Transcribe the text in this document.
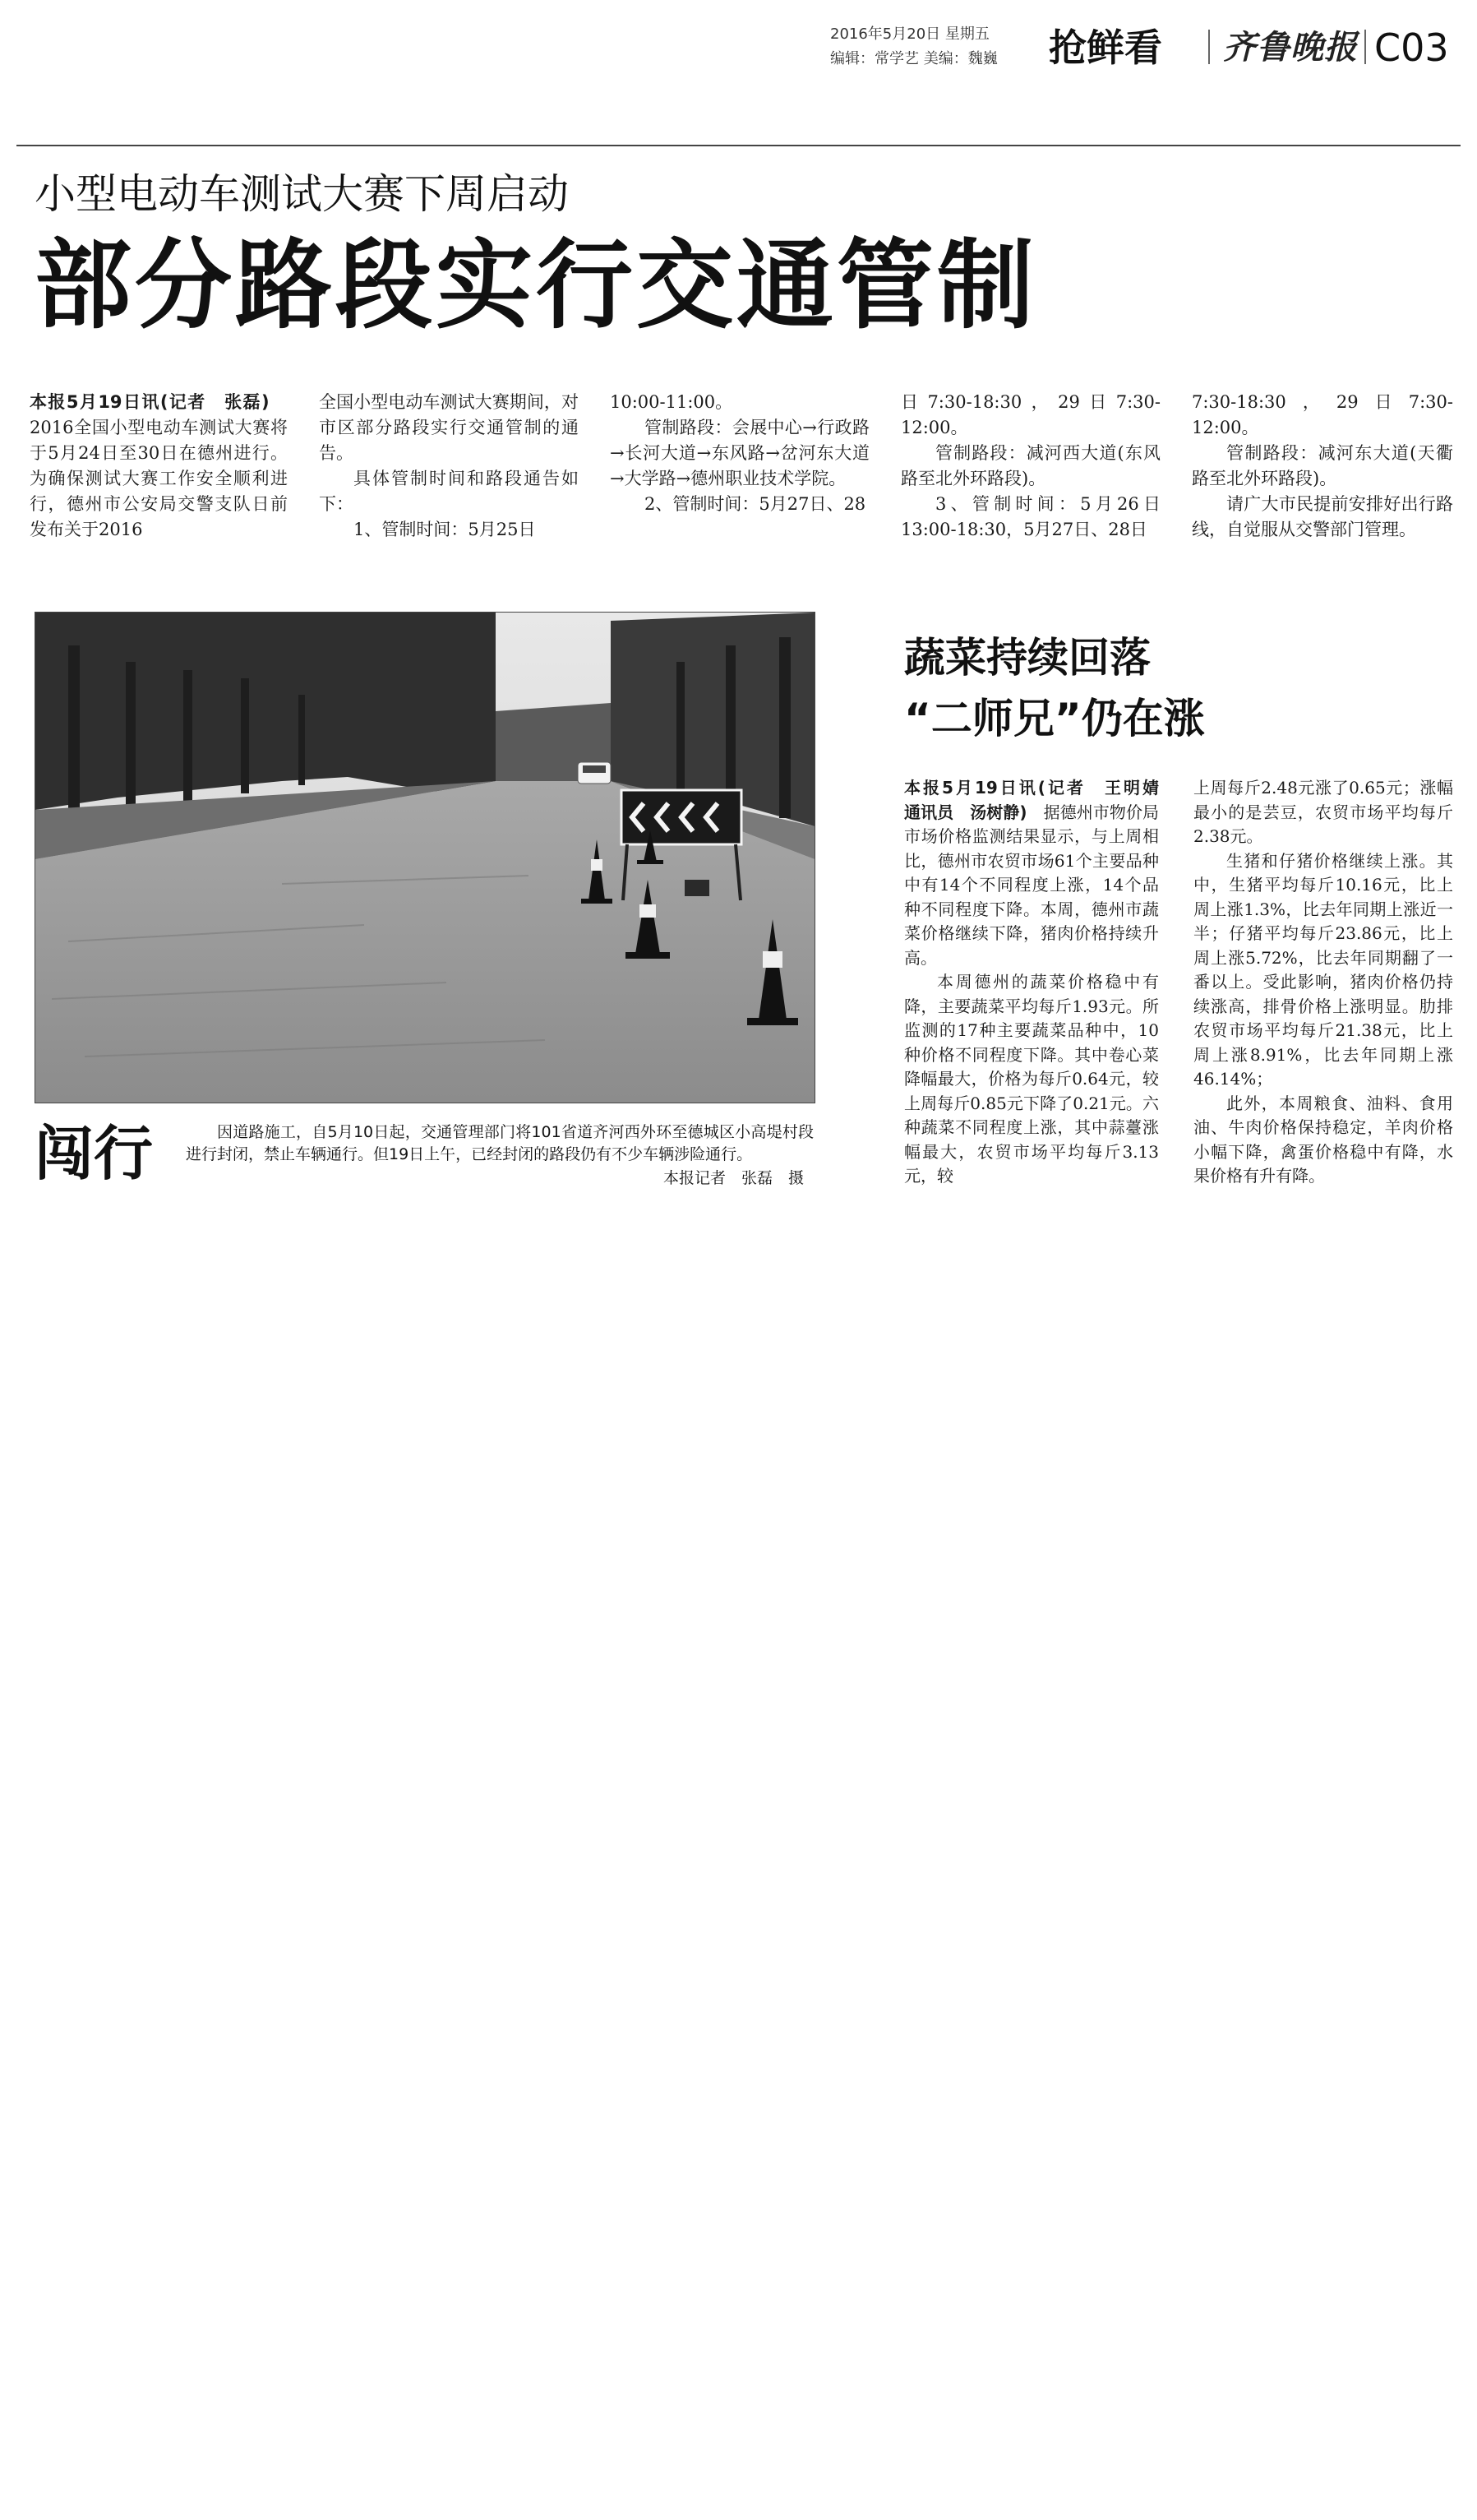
2016年5月20日 星期五
编辑：常学艺 美编：魏巍	抢鲜看	齐鲁晚报 C03
小型电动车测试大赛下周启动
部分路段实行交通管制

本报5月19日讯(记者　张磊)　2016全国小型电动车测试大赛将于5月24日至30日在德州进行。为确保测试大赛工作安全顺利进行，德州市公安局交警支队日前发布关于2016

全国小型电动车测试大赛期间，对市区部分路段实行交通管制的通告。

具体管制时间和路段通告如下：

1、管制时间：5月25日

10:00-11:00。

管制路段：会展中心→行政路→长河大道→东风路→岔河东大道→大学路→德州职业技术学院。

2、管制时间：5月27日、28

日7:30-18:30，29日7:30-12:00。

管制路段：减河西大道(东风路至北外环路段)。

3、管制时间：5月26日13:00-18:30，5月27日、28日

7:30-18:30，29日7:30-12:00。

管制路段：减河东大道(天衢路至北外环路段)。

请广大市民提前安排好出行路线，自觉服从交警部门管理。

闯行	因道路施工，自5月10日起，交通管理部门将101省道齐河西外环至德城区小高堤村段进行封闭，禁止车辆通行。但19日上午，已经封闭的路段仍有不少车辆涉险通行。
本报记者　张磊　摄
蔬菜持续回落
“二师兄”仍在涨

本报5月19日讯(记者　王明婧　通讯员　汤树静)　 据德州市物价局市场价格监测结果显示，与上周相比，德州市农贸市场61个主要品种中有14个不同程度上涨，14个品种不同程度下降。本周，德州市蔬菜价格继续下降，猪肉价格持续升高。

本周德州的蔬菜价格稳中有降，主要蔬菜平均每斤1.93元。所监测的17种主要蔬菜品种中，10种价格不同程度下降。其中卷心菜降幅最大，价格为每斤0.64元，较上周每斤0.85元下降了0.21元。六种蔬菜不同程度上涨，其中蒜薹涨幅最大，农贸市场平均每斤3.13元，较

上周每斤2.48元涨了0.65元；涨幅最小的是芸豆，农贸市场平均每斤2.38元。

生猪和仔猪价格继续上涨。其中，生猪平均每斤10.16元，比上周上涨1.3%，比去年同期上涨近一半；仔猪平均每斤23.86元，比上周上涨5.72%，比去年同期翻了一番以上。受此影响，猪肉价格仍持续涨高，排骨价格上涨明显。肋排农贸市场平均每斤21.38元，比上周上涨8.91%，比去年同期上涨46.14%；

此外，本周粮食、油料、食用油、牛肉价格保持稳定，羊肉价格小幅下降，禽蛋价格稳中有降，水果价格有升有降。
